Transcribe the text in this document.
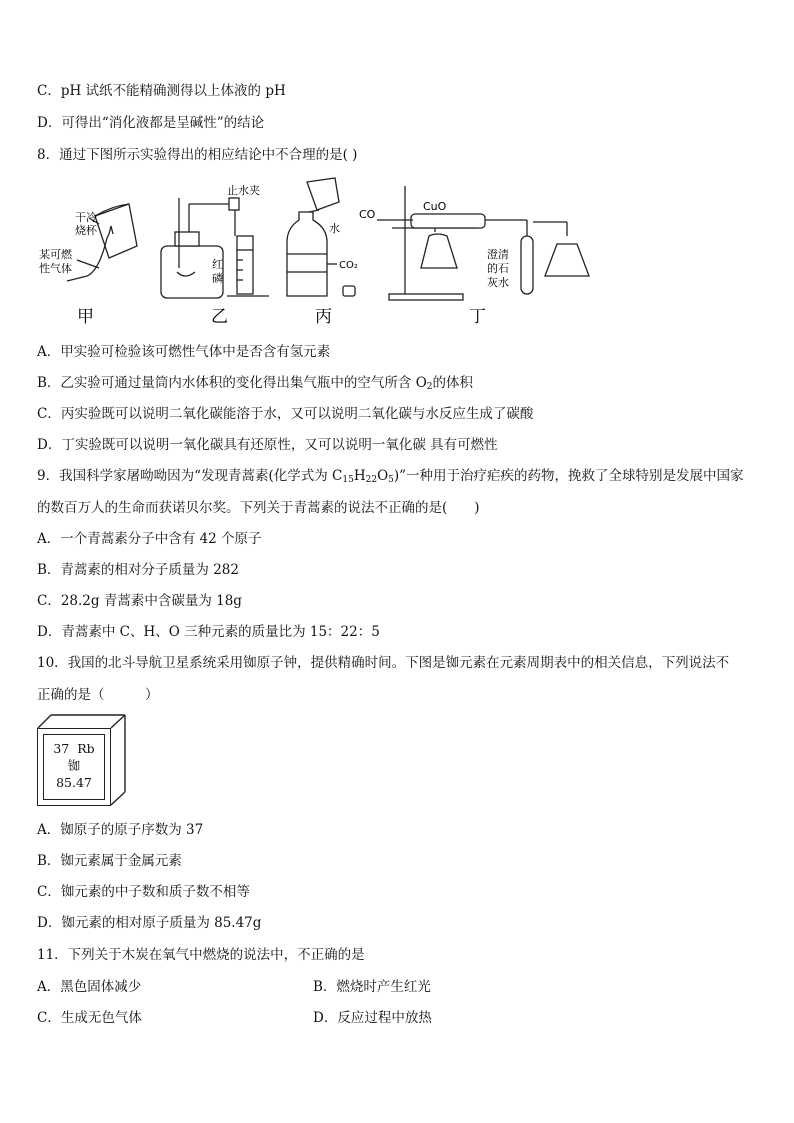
C．pH 试纸不能精确测得以上体液的 pH
D．可得出“消化液都是呈碱性”的结论
8．通过下图所示实验得出的相应结论中不合理的是( )
干冷
烧杯
某可燃
性气体
止水夹
红
磷
水
CO₂
CO
CuO
澄清
的石
灰水
甲	乙	丙	丁
A．甲实验可检验该可燃性气体中是否含有氢元素
B．乙实验可通过量筒内水体积的变化得出集气瓶中的空气所含 $O_2$的体积
C．丙实验既可以说明二氧化碳能溶于水，又可以说明二氧化碳与水反应生成了碳酸
D．丁实验既可以说明一氧化碳具有还原性，又可以说明一氧化碳 具有可燃性
9．我国科学家屠呦呦因为“发现青蒿素(化学式为 $C_{15}H_{22}O_5$)”一种用于治疗疟疾的药物，挽救了全球特别是发展中国家
的数百万人的生命而获诺贝尔奖。下列关于青蒿素的说法不正确的是(　　)
A．一个青蒿素分子中含有 42 个原子
B．青蒿素的相对分子质量为 282
C．28.2g 青蒿素中含碳量为 18g
D．青蒿素中 C、H、O 三种元素的质量比为 15：22：5
10．我国的北斗导航卫星系统采用铷原子钟，提供精确时间。下图是铷元素在元素周期表中的相关信息，下列说法不
正确的是（　　　）
37 Rb
铷
85.47
A．铷原子的原子序数为 37
B．铷元素属于金属元素
C．铷元素的中子数和质子数不相等
D．铷元素的相对原子质量为 85.47g
11．下列关于木炭在氧气中燃烧的说法中，不正确的是
A．黑色固体减少	B．燃烧时产生红光
C．生成无色气体	D．反应过程中放热
